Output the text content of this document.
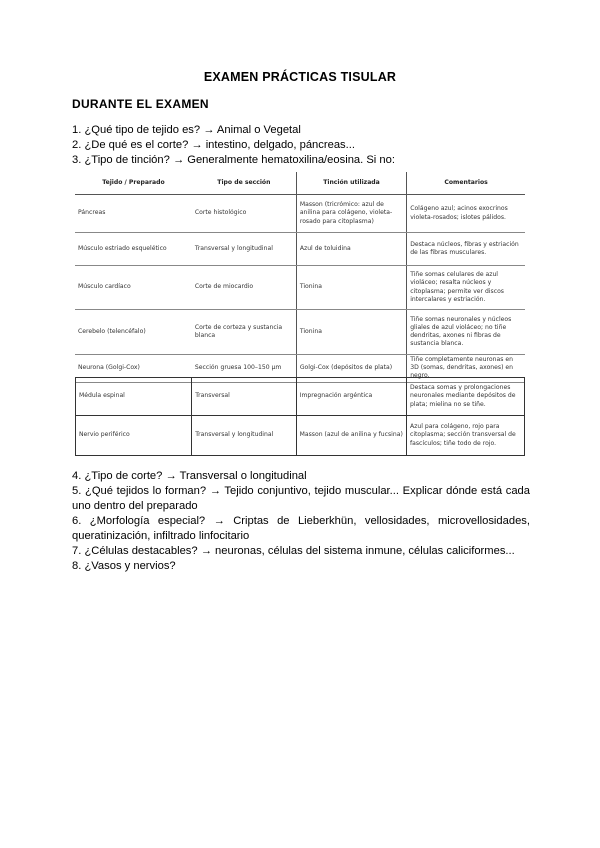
EXAMEN PRÁCTICAS TISULAR
DURANTE EL EXAMEN

1. ¿Qué tipo de tejido es? → Animal o Vegetal

2. ¿De qué es el corte? → intestino, delgado, páncreas...

3. ¿Tipo de tinción? → Generalmente hematoxilina/eosina. Si no:

Tejido / Preparado	Tipo de sección	Tinción utilizada	Comentarios
Páncreas	Corte histológico	Masson (tricrómico: azul de anilina para colágeno, violeta-rosado para citoplasma)	Colágeno azul; acinos exocrinos violeta-rosados; islotes pálidos.
Músculo estriado esquelético	Transversal y longitudinal	Azul de toluidina	Destaca núcleos, fibras y estriación de las fibras musculares.
Músculo cardíaco	Corte de miocardio	Tionina	Tiñe somas celulares de azul violáceo; resalta núcleos y citoplasma; permite ver discos intercalares y estriación.
Cerebelo (telencéfalo)	Corte de corteza y sustancia blanca	Tionina	Tiñe somas neuronales y núcleos gliales de azul violáceo; no tiñe dendritas, axones ni fibras de sustancia blanca.
Neurona (Golgi-Cox)	Sección gruesa 100–150 μm	Golgi-Cox (depósitos de plata)	Tiñe completamente neuronas en 3D (somas, dendritas, axones) en negro.
Médula espinal	Transversal	Impregnación argéntica	Destaca somas y prolongaciones neuronales mediante depósitos de plata; mielina no se tiñe.
Nervio periférico	Transversal y longitudinal	Masson (azul de anilina y fucsina)	Azul para colágeno, rojo para citoplasma; sección transversal de fascículos; tiñe todo de rojo.

4. ¿Tipo de corte? → Transversal o longitudinal

5. ¿Qué tejidos lo forman? → Tejido conjuntivo, tejido muscular... Explicar dónde está cada uno dentro del preparado

6. ¿Morfología especial? → Criptas de Lieberkhün, vellosidades, microvellosidades, queratinización, infiltrado linfocitario

7. ¿Células destacables? → neuronas, células del sistema inmune, células caliciformes...

8. ¿Vasos y nervios?
